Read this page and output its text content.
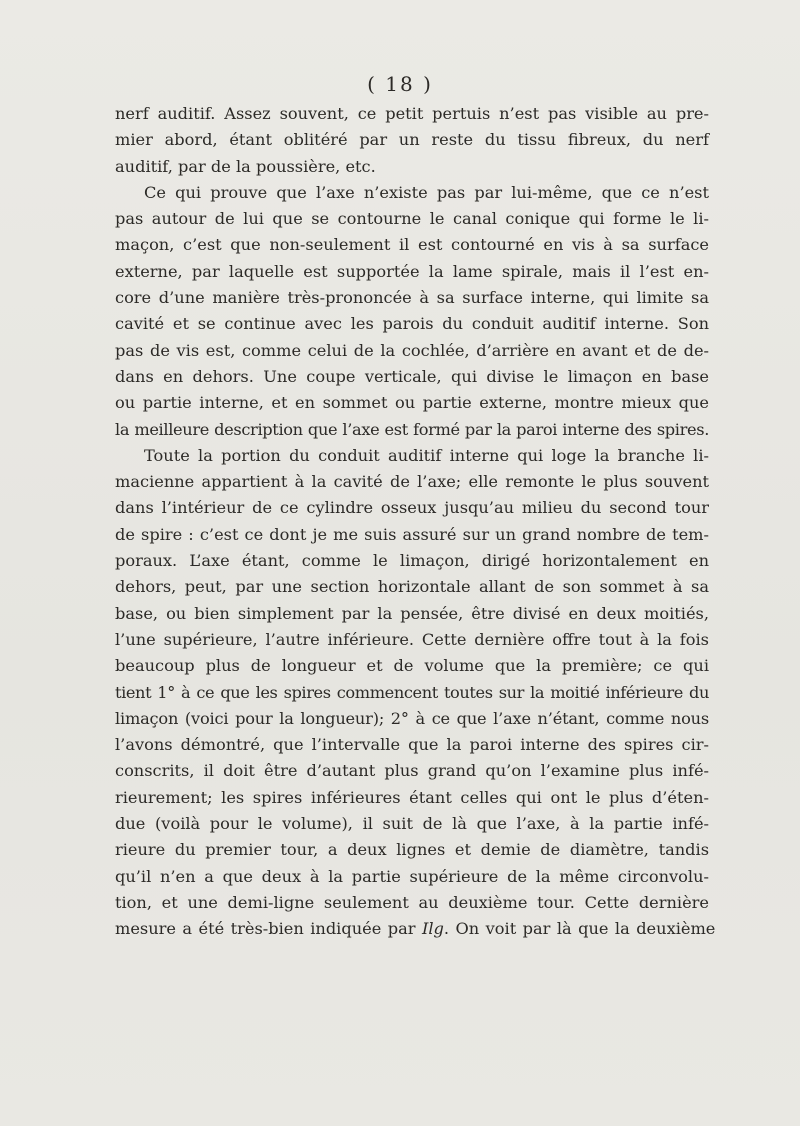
( 18 )
nerf auditif. Assez souvent, ce petit pertuis n’est pas visible au pre-
mier abord, étant oblitéré par un reste du tissu fibreux, du nerf
auditif, par de la poussière, etc.
Ce qui prouve que l’axe n’existe pas par lui-même, que ce n’est
pas autour de lui que se contourne le canal conique qui forme le li-
maçon, c’est que non-seulement il est contourné en vis à sa surface
externe, par laquelle est supportée la lame spirale, mais il l’est en-
core d’une manière très-prononcée à sa surface interne, qui limite sa
cavité et se continue avec les parois du conduit auditif interne. Son
pas de vis est, comme celui de la cochlée, d’arrière en avant et de de-
dans en dehors. Une coupe verticale, qui divise le limaçon en base
ou partie interne, et en sommet ou partie externe, montre mieux que
la meilleure description que l’axe est formé par la paroi interne des spires.
Toute la portion du conduit auditif interne qui loge la branche li-
macienne appartient à la cavité de l’axe; elle remonte le plus souvent
dans l’intérieur de ce cylindre osseux jusqu’au milieu du second tour
de spire : c’est ce dont je me suis assuré sur un grand nombre de tem-
poraux. L’axe étant, comme le limaçon, dirigé horizontalement en
dehors, peut, par une section horizontale allant de son sommet à sa
base, ou bien simplement par la pensée, être divisé en deux moitiés,
l’une supérieure, l’autre inférieure. Cette dernière offre tout à la fois
beaucoup plus de longueur et de volume que la première; ce qui
tient 1° à ce que les spires commencent toutes sur la moitié inférieure du
limaçon (voici pour la longueur); 2° à ce que l’axe n’étant, comme nous
l’avons démontré, que l’intervalle que la paroi interne des spires cir-
conscrits, il doit être d’autant plus grand qu’on l’examine plus infé-
rieurement; les spires inférieures étant celles qui ont le plus d’éten-
due (voilà pour le volume), il suit de là que l’axe, à la partie infé-
rieure du premier tour, a deux lignes et demie de diamètre, tandis
qu’il n’en a que deux à la partie supérieure de la même circonvolu-
tion, et une demi-ligne seulement au deuxième tour. Cette dernière
mesure a été très-bien indiquée par Ilg. On voit par là que la deuxième
